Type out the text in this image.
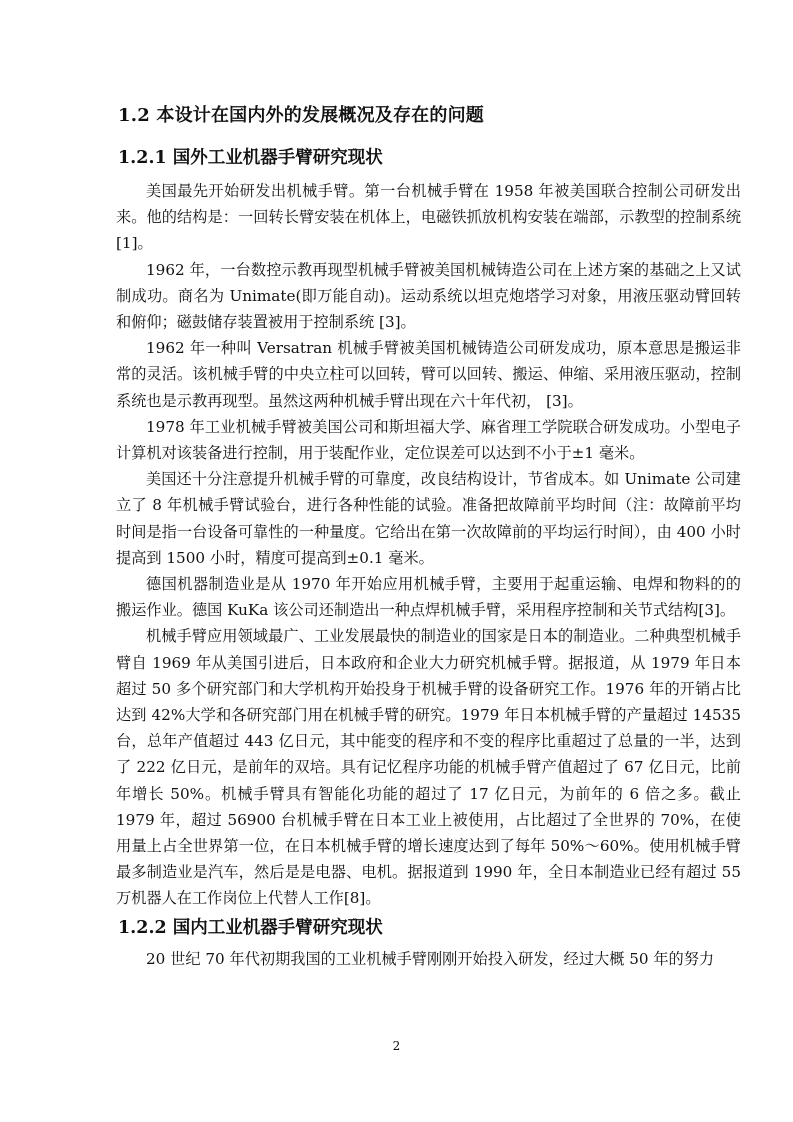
1.2 本设计在国内外的发展概况及存在的问题
1.2.1 国外工业机器手臂研究现状

美国最先开始研发出机械手臂。第一台机械手臂在 1958 年被美国联合控制公司研发出来。他的结构是：一回转长臂安装在机体上，电磁铁抓放机构安装在端部，示教型的控制系统[1]。

1962 年，一台数控示教再现型机械手臂被美国机械铸造公司在上述方案的基础之上又试制成功。商名为 Unimate(即万能自动)。运动系统以坦克炮塔学习对象，用液压驱动臂回转和俯仰；磁鼓储存装置被用于控制系统 [3]。

1962 年一种叫 Versatran 机械手臂被美国机械铸造公司研发成功，原本意思是搬运非常的灵活。该机械手臂的中央立柱可以回转，臂可以回转、搬运、伸缩、采用液压驱动，控制系统也是示教再现型。虽然这两种机械手臂出现在六十年代初， [3]。

1978 年工业机械手臂被美国公司和斯坦福大学、麻省理工学院联合研发成功。小型电子计算机对该装备进行控制，用于装配作业，定位误差可以达到不小于±1 毫米。

美国还十分注意提升机械手臂的可靠度，改良结构设计，节省成本。如 Unimate 公司建立了 8 年机械手臂试验台，进行各种性能的试验。准备把故障前平均时间（注：故障前平均时间是指一台设备可靠性的一种量度。它给出在第一次故障前的平均运行时间），由 400 小时提高到 1500 小时，精度可提高到±0.1 毫米。

德国机器制造业是从 1970 年开始应用机械手臂，主要用于起重运输、电焊和物料的的搬运作业。德国 KuKa 该公司还制造出一种点焊机械手臂，采用程序控制和关节式结构[3]。

机械手臂应用领域最广、工业发展最快的制造业的国家是日本的制造业。二种典型机械手臂自 1969 年从美国引进后，日本政府和企业大力研究机械手臂。据报道，从 1979 年日本超过 50 多个研究部门和大学机构开始投身于机械手臂的设备研究工作。1976 年的开销占比达到 42%大学和各研究部门用在机械手臂的研究。1979 年日本机械手臂的产量超过 14535 台，总年产值超过 443 亿日元，其中能变的程序和不变的程序比重超过了总量的一半，达到了 222 亿日元，是前年的双培。具有记忆程序功能的机械手臂产值超过了 67 亿日元，比前年增长 50%。机械手臂具有智能化功能的超过了 17 亿日元，为前年的 6 倍之多。截止 1979 年，超过 56900 台机械手臂在日本工业上被使用，占比超过了全世界的 70%，在使用量上占全世界第一位，在日本机械手臂的增长速度达到了每年 50%～60%。使用机械手臂最多制造业是汽车，然后是是电器、电机。据报道到 1990 年，全日本制造业已经有超过 55 万机器人在工作岗位上代替人工作[8]。

1.2.2 国内工业机器手臂研究现状

20 世纪 70 年代初期我国的工业机械手臂刚刚开始投入研发，经过大概 50 年的努力

2
